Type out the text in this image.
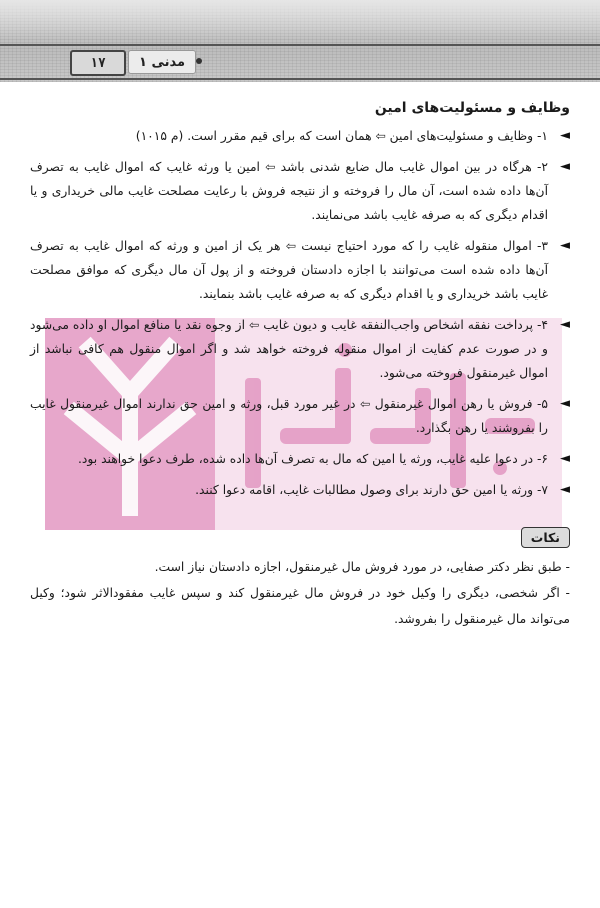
۱۷	مدنی ۱
وظایف و مسئولیت‌های امین
◄
۱- وظایف و مسئولیت‌های امین ⇦ همان است که برای قیم مقرر است. (م ۱۰۱۵)
◄
۲- هرگاه در بین اموال غایب مال ضایع شدنی باشد ⇦ امین یا ورثه غایب که اموال غایب به تصرف آن‌ها داده شده است، آن مال را فروخته و از نتیجه فروش با رعایت مصلحت غایب مالی خریداری و یا اقدام دیگری که به صرفه غایب باشد می‌نمایند.
◄
۳- اموال منقوله غایب را که مورد احتیاج نیست ⇦ هر یک از امین و ورثه که اموال غایب به تصرف آن‌ها داده شده است می‌توانند با اجازه دادستان فروخته و از پول آن مال دیگری که موافق مصلحت غایب باشد خریداری و یا اقدام دیگری که به صرفه غایب باشد بنمایند.
◄
۴- پرداخت نفقه اشخاص واجب‌النفقه غایب و دیون غایب ⇦ از وجوه نقد یا منافع اموال او داده می‌شود و در صورت عدم کفایت از اموال منقوله فروخته خواهد شد و اگر اموال منقول هم کافی نباشد از اموال غیرمنقول فروخته می‌شود.
◄
۵- فروش یا رهن اموال غیرمنقول ⇦ در غیر مورد قبل، ورثه و امین حق ندارند اموال غیرمنقول غایب را بفروشند یا رهن بگذارد.
◄
۶- در دعوا علیه غایب، ورثه یا امین که مال به تصرف آن‌ها داده شده، طرف دعوا خواهند بود.
◄
۷- ورثه یا امین حق دارند برای وصول مطالبات غایب، اقامه دعوا کنند.
نکات

- طبق نظر دکتر صفایی، در مورد فروش مال غیرمنقول، اجازه دادستان نیاز است.

- اگر شخصی، دیگری را وکیل خود در فروش مال غیرمنقول کند و سپس غایب مفقودالاثر شود؛ وکیل می‌تواند مال غیرمنقول را بفروشد.
